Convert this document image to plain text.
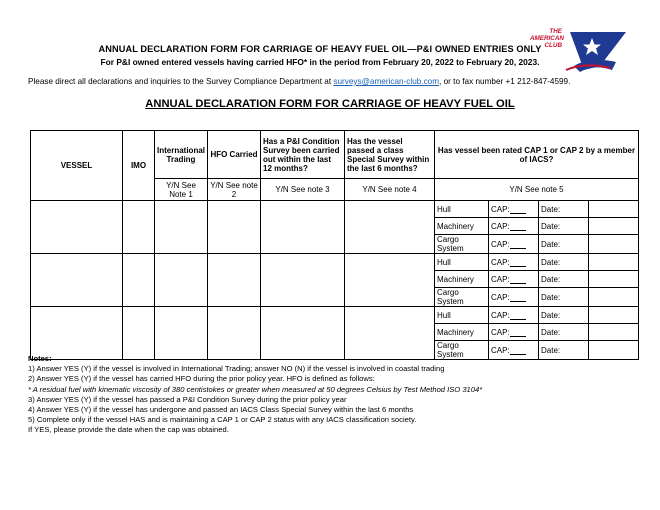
ANNUAL DECLARATION FORM FOR CARRIAGE OF HEAVY FUEL OIL—P&I OWNED ENTRIES ONLY
For P&I owned entered vessels having carried HFO* in the period from February 20, 2022 to February 20, 2023.
Please direct all declarations and inquiries to the Survey Compliance Department at surveys@american-club.com, or to fax number +1 212-847-4599.
ANNUAL DECLARATION FORM FOR CARRIAGE OF HEAVY FUEL OIL
THE
AMERICAN
CLUB
VESSEL	IMO	International Trading	HFO Carried	Has a P&I Condition Survey been carried out within the last 12 months?	Has the vessel passed a class Special Survey within the last 6 months?	Has vessel been rated CAP 1 or CAP 2 by a member of IACS?			
		Y/N See Note 1	Y/N See note 2	Y/N See note 3	Y/N See note 4	Y/N See note 5			
						Hull	CAP:	Date:	
						Machinery	CAP:	Date:	
						Cargo System	CAP:	Date:	
						Hull	CAP:	Date:	
						Machinery	CAP:	Date:	
						Cargo System	CAP:	Date:	
						Hull	CAP:	Date:	
						Machinery	CAP:	Date:	
						Cargo System	CAP:	Date:	
Notes:
1) Answer YES (Y) if the vessel is involved in International Trading; answer NO (N) if the vessel is involved in coastal trading
2) Answer YES (Y) if the vessel has carried HFO during the prior policy year. HFO is defined as follows:
* A residual fuel with kinematic viscosity of 380 centistokes or greater when measured at 50 degrees Celsius by Test Method ISO 3104*
3) Answer YES (Y) if the vessel has passed a P&I Condition Survey during the prior policy year
4) Answer YES (Y) if the vessel has undergone and passed an IACS Class Special Survey within the last 6 months
5) Complete only if the vessel HAS and is maintaining a CAP 1 or CAP 2 status with any IACS classification society.
If YES, please provide the date when the cap was obtained.
